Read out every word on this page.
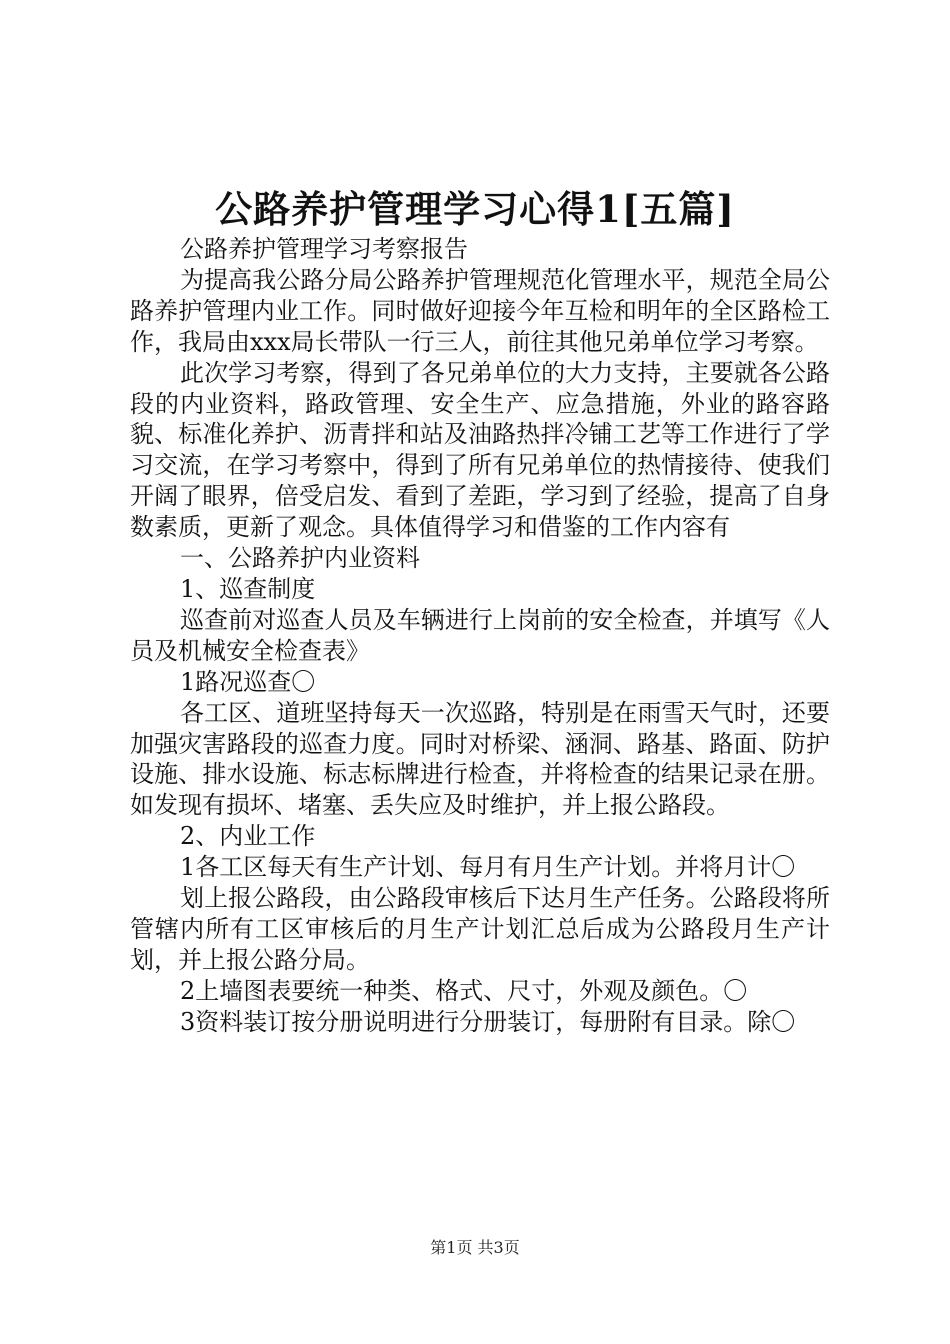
公路养护管理学习心得1[五篇]

公路养护管理学习考察报告

为提高我公路分局公路养护管理规范化管理水平，规范全局公路养护管理内业工作。同时做好迎接今年互检和明年的全区路检工作，我局由xxx局长带队一行三人，前往其他兄弟单位学习考察。

此次学习考察，得到了各兄弟单位的大力支持，主要就各公路段的内业资料，路政管理、安全生产、应急措施，外业的路容路貌、标准化养护、沥青拌和站及油路热拌冷铺工艺等工作进行了学习交流，在学习考察中，得到了所有兄弟单位的热情接待、使我们开阔了眼界，倍受启发、看到了差距，学习到了经验，提高了自身数素质，更新了观念。具体值得学习和借鉴的工作内容有

一、公路养护内业资料

1、巡查制度

巡查前对巡查人员及车辆进行上岗前的安全检查，并填写《人员及机械安全检查表》

1路况巡查〇

各工区、道班坚持每天一次巡路，特别是在雨雪天气时，还要加强灾害路段的巡查力度。同时对桥梁、涵洞、路基、路面、防护设施、排水设施、标志标牌进行检查，并将检查的结果记录在册。如发现有损坏、堵塞、丢失应及时维护，并上报公路段。

2、内业工作

1各工区每天有生产计划、每月有月生产计划。并将月计〇

划上报公路段，由公路段审核后下达月生产任务。公路段将所管辖内所有工区审核后的月生产计划汇总后成为公路段月生产计划，并上报公路分局。

2上墙图表要统一种类、格式、尺寸，外观及颜色。〇

3资料装订按分册说明进行分册装订，每册附有目录。除〇

第1页 共3页
